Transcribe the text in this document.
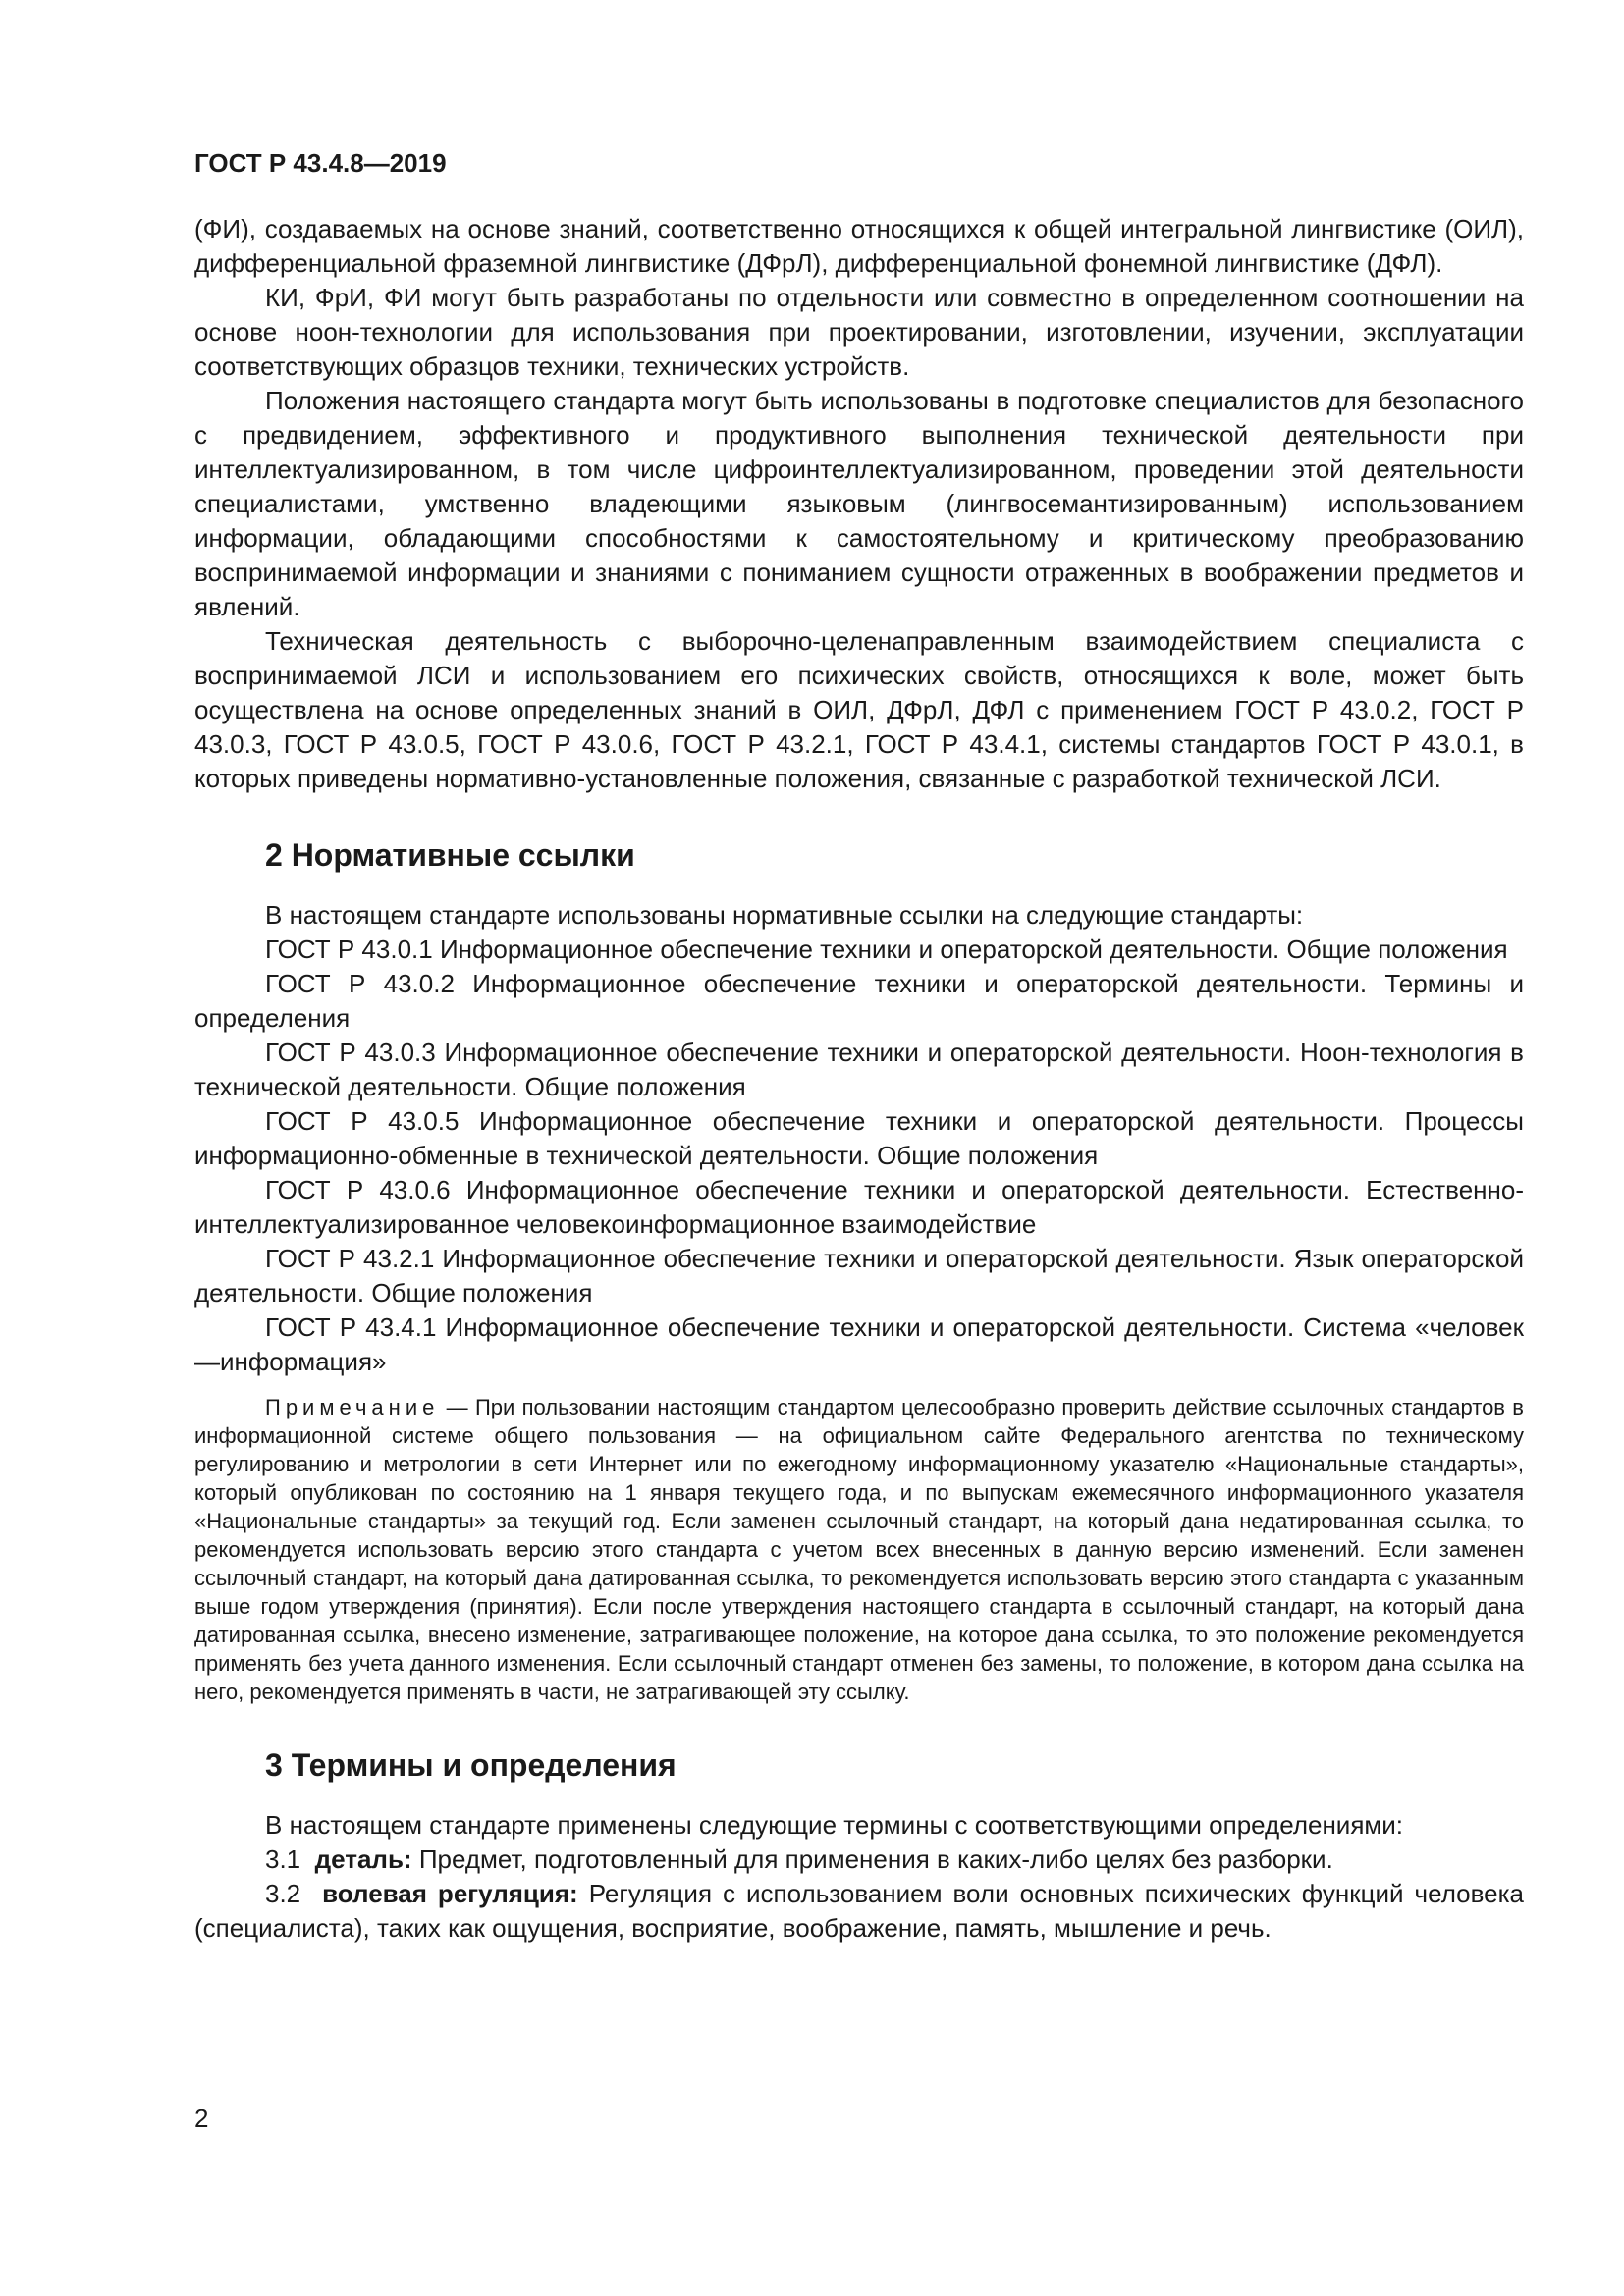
ГОСТ Р 43.4.8—2019

(ФИ), создаваемых на основе знаний, соответственно относящихся к общей интегральной лингвистике (ОИЛ), дифференциальной фраземной лингвистике (ДФрЛ), дифференциальной фонемной лингвистике (ДФЛ).

КИ, ФрИ, ФИ могут быть разработаны по отдельности или совместно в определенном соотношении на основе ноон-технологии для использования при проектировании, изготовлении, изучении, эксплуатации соответствующих образцов техники, технических устройств.

Положения настоящего стандарта могут быть использованы в подготовке специалистов для безопасного с предвидением, эффективного и продуктивного выполнения технической деятельности при интеллектуализированном, в том числе цифроинтеллектуализированном, проведении этой деятельности специалистами, умственно владеющими языковым (лингвосемантизированным) использованием информации, обладающими способностями к самостоятельному и критическому преобразованию воспринимаемой информации и знаниями с пониманием сущности отраженных в воображении предметов и явлений.

Техническая деятельность с выборочно-целенаправленным взаимодействием специалиста с воспринимаемой ЛСИ и использованием его психических свойств, относящихся к воле, может быть осуществлена на основе определенных знаний в ОИЛ, ДФрЛ, ДФЛ с применением ГОСТ Р 43.0.2, ГОСТ Р 43.0.3, ГОСТ Р 43.0.5, ГОСТ Р 43.0.6, ГОСТ Р 43.2.1, ГОСТ Р 43.4.1, системы стандартов ГОСТ Р 43.0.1, в которых приведены нормативно-установленные положения, связанные с разработкой технической ЛСИ.

2 Нормативные ссылки

В настоящем стандарте использованы нормативные ссылки на следующие стандарты:

ГОСТ Р 43.0.1 Информационное обеспечение техники и операторской деятельности. Общие положения

ГОСТ Р 43.0.2 Информационное обеспечение техники и операторской деятельности. Термины и определения

ГОСТ Р 43.0.3 Информационное обеспечение техники и операторской деятельности. Ноон-технология в технической деятельности. Общие положения

ГОСТ Р 43.0.5 Информационное обеспечение техники и операторской деятельности. Процессы информационно-обменные в технической деятельности. Общие положения

ГОСТ Р 43.0.6 Информационное обеспечение техники и операторской деятельности. Естественно-интеллектуализированное человекоинформационное взаимодействие

ГОСТ Р 43.2.1 Информационное обеспечение техники и операторской деятельности. Язык операторской деятельности. Общие положения

ГОСТ Р 43.4.1 Информационное обеспечение техники и операторской деятельности. Система «человек—информация»

Примечание — При пользовании настоящим стандартом целесообразно проверить действие ссылочных стандартов в информационной системе общего пользования — на официальном сайте Федерального агентства по техническому регулированию и метрологии в сети Интернет или по ежегодному информационному указателю «Национальные стандарты», который опубликован по состоянию на 1 января текущего года, и по выпускам ежемесячного информационного указателя «Национальные стандарты» за текущий год. Если заменен ссылочный стандарт, на который дана недатированная ссылка, то рекомендуется использовать версию этого стандарта с учетом всех внесенных в данную версию изменений. Если заменен ссылочный стандарт, на который дана датированная ссылка, то рекомендуется использовать версию этого стандарта с указанным выше годом утверждения (принятия). Если после утверждения настоящего стандарта в ссылочный стандарт, на который дана датированная ссылка, внесено изменение, затрагивающее положение, на которое дана ссылка, то это положение рекомендуется применять без учета данного изменения. Если ссылочный стандарт отменен без замены, то положение, в котором дана ссылка на него, рекомендуется применять в части, не затрагивающей эту ссылку.

3 Термины и определения

В настоящем стандарте применены следующие термины с соответствующими определениями:

3.1 деталь: Предмет, подготовленный для применения в каких-либо целях без разборки.

3.2 волевая регуляция: Регуляция с использованием воли основных психических функций человека (специалиста), таких как ощущения, восприятие, воображение, память, мышление и речь.

2
